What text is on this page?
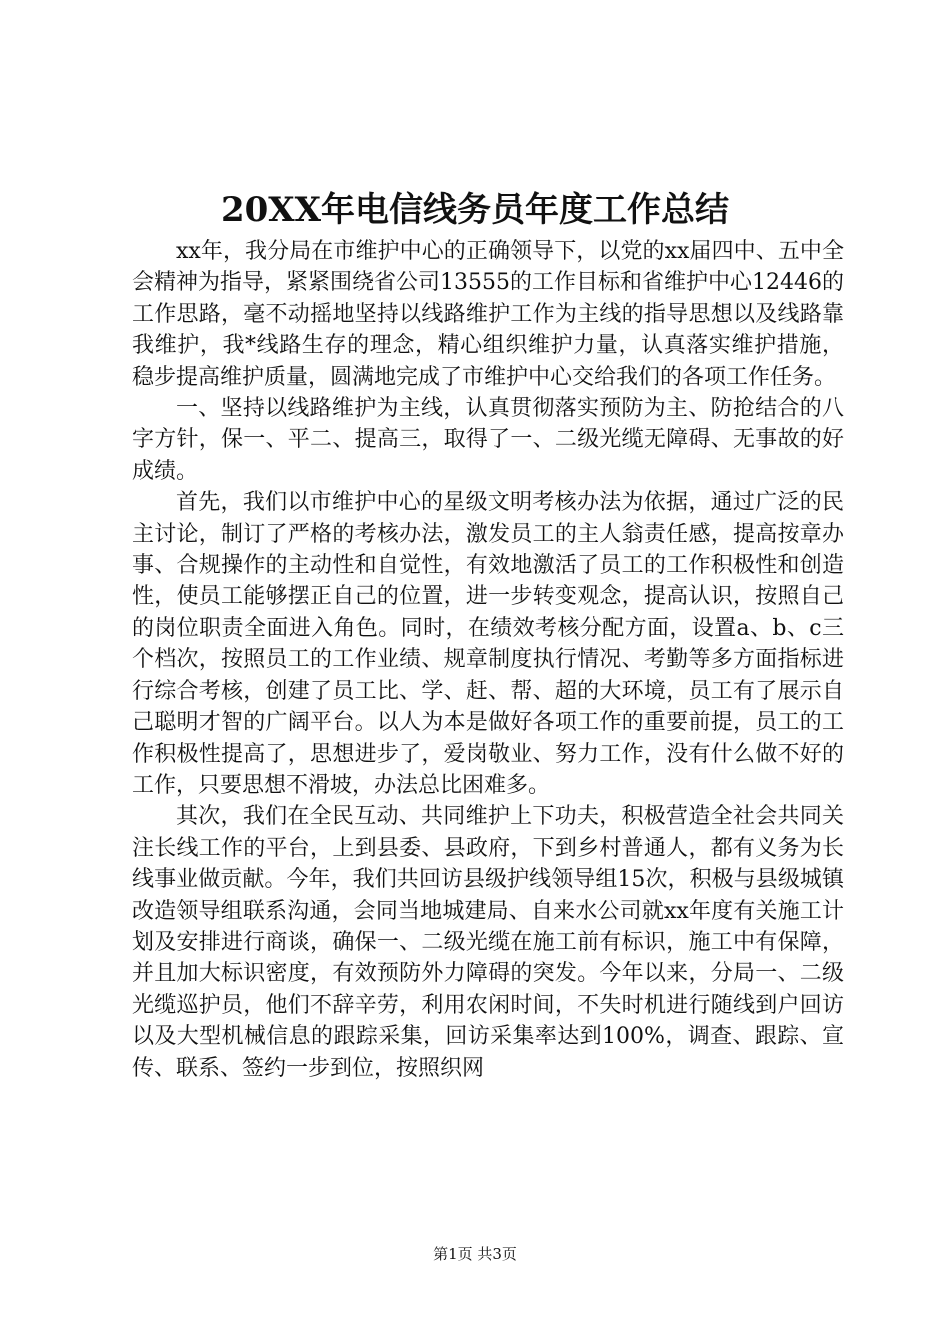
20XX年电信线务员年度工作总结

xx年，我分局在市维护中心的正确领导下，以党的xx届四中、五中全会精神为指导，紧紧围绕省公司13555的工作目标和省维护中心12446的工作思路，毫不动摇地坚持以线路维护工作为主线的指导思想以及线路靠我维护，我*线路生存的理念，精心组织维护力量，认真落实维护措施，稳步提高维护质量，圆满地完成了市维护中心交给我们的各项工作任务。

一、坚持以线路维护为主线，认真贯彻落实预防为主、防抢结合的八字方针，保一、平二、提高三，取得了一、二级光缆无障碍、无事故的好成绩。

首先，我们以市维护中心的星级文明考核办法为依据，通过广泛的民主讨论，制订了严格的考核办法，激发员工的主人翁责任感，提高按章办事、合规操作的主动性和自觉性，有效地激活了员工的工作积极性和创造性，使员工能够摆正自己的位置，进一步转变观念，提高认识，按照自己的岗位职责全面进入角色。同时，在绩效考核分配方面，设置a、b、c三个档次，按照员工的工作业绩、规章制度执行情况、考勤等多方面指标进行综合考核，创建了员工比、学、赶、帮、超的大环境，员工有了展示自己聪明才智的广阔平台。以人为本是做好各项工作的重要前提，员工的工作积极性提高了，思想进步了，爱岗敬业、努力工作，没有什么做不好的工作，只要思想不滑坡，办法总比困难多。

其次，我们在全民互动、共同维护上下功夫，积极营造全社会共同关注长线工作的平台，上到县委、县政府，下到乡村普通人，都有义务为长线事业做贡献。今年，我们共回访县级护线领导组15次，积极与县级城镇改造领导组联系沟通，会同当地城建局、自来水公司就xx年度有关施工计划及安排进行商谈，确保一、二级光缆在施工前有标识，施工中有保障，并且加大标识密度，有效预防外力障碍的突发。今年以来，分局一、二级光缆巡护员，他们不辞辛劳，利用农闲时间，不失时机进行随线到户回访以及大型机械信息的跟踪采集，回访采集率达到100%，调查、跟踪、宣传、联系、签约一步到位，按照织网

第1页 共3页
